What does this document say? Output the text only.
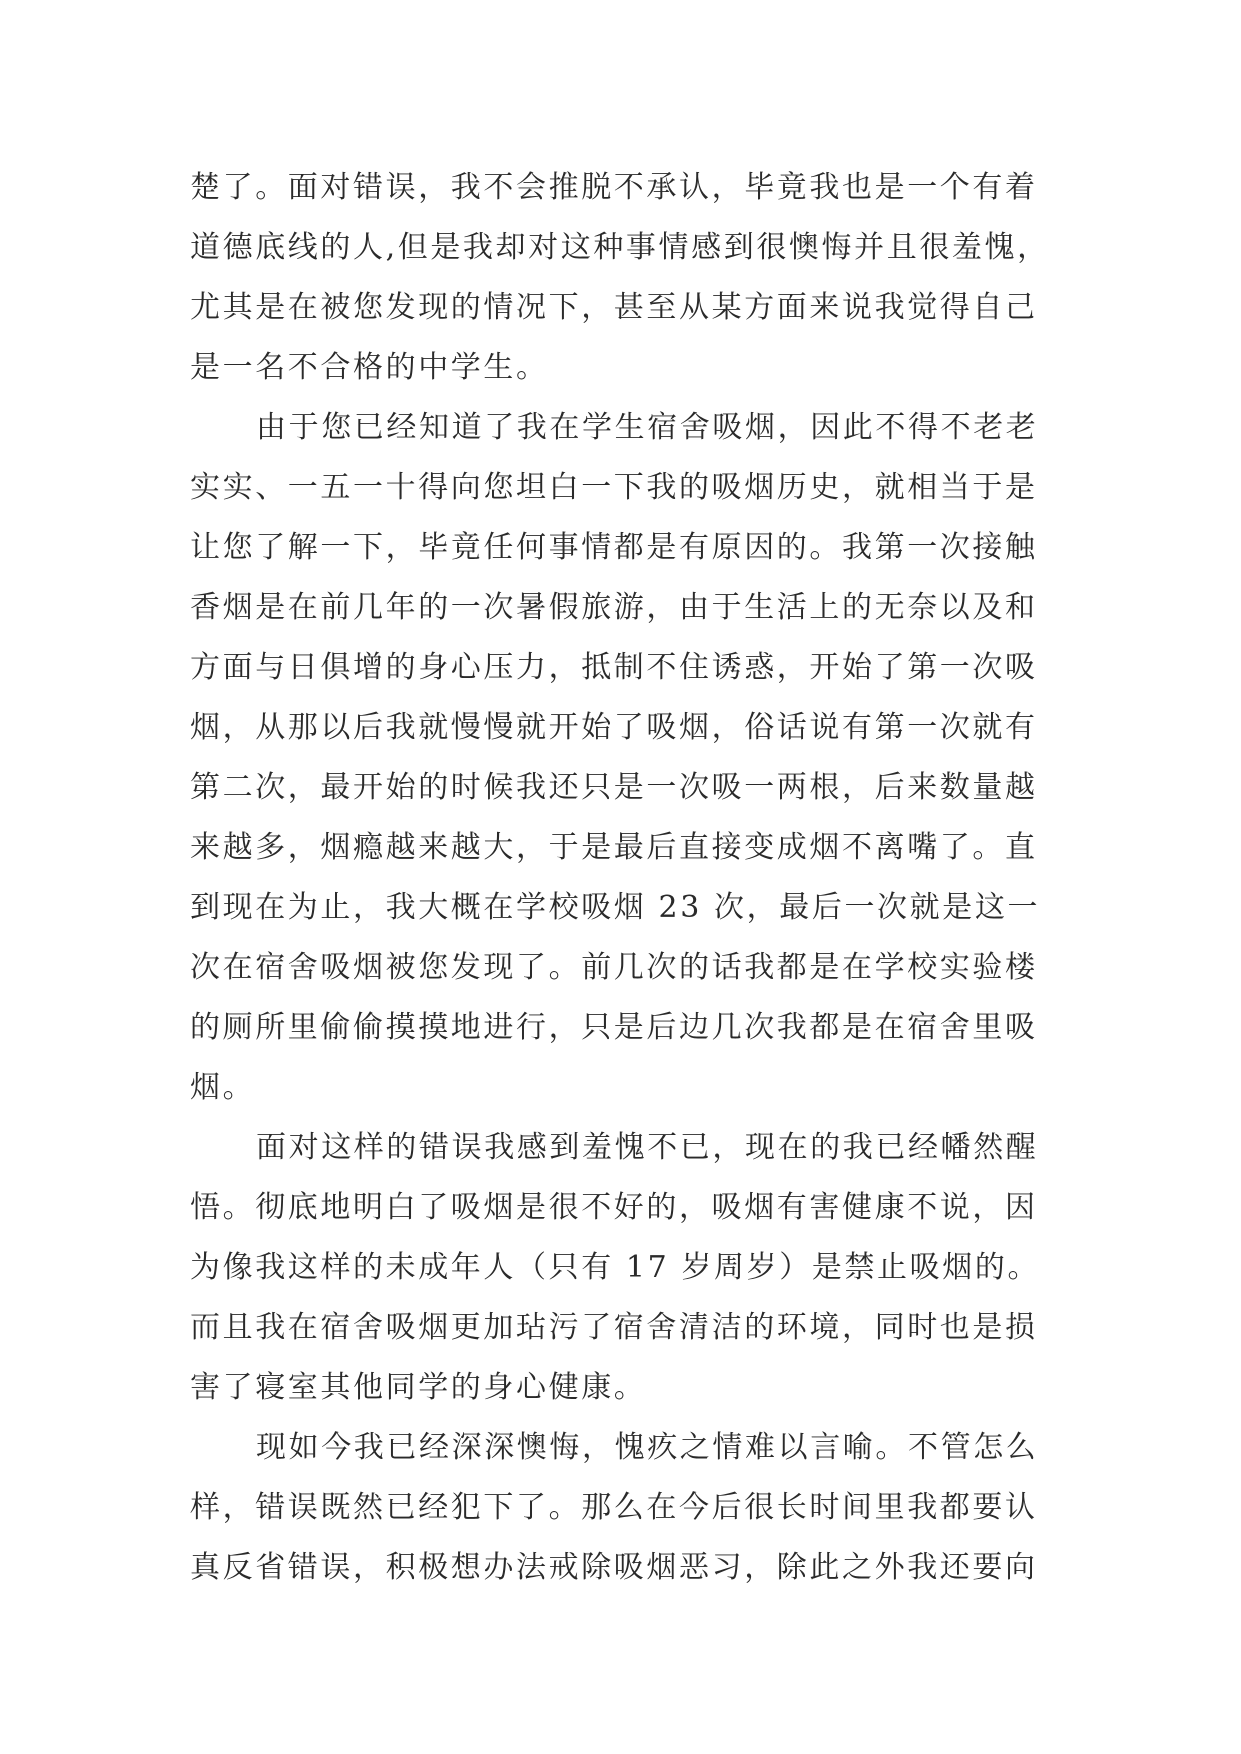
楚了。面对错误，我不会推脱不承认，毕竟我也是一个有着
道德底线的人,但是我却对这种事情感到很懊悔并且很羞愧，
尤其是在被您发现的情况下，甚至从某方面来说我觉得自己
是一名不合格的中学生。
由于您已经知道了我在学生宿舍吸烟，因此不得不老老
实实、一五一十得向您坦白一下我的吸烟历史，就相当于是
让您了解一下，毕竟任何事情都是有原因的。我第一次接触
香烟是在前几年的一次暑假旅游，由于生活上的无奈以及和
方面与日俱增的身心压力，抵制不住诱惑，开始了第一次吸
烟，从那以后我就慢慢就开始了吸烟，俗话说有第一次就有
第二次，最开始的时候我还只是一次吸一两根，后来数量越
来越多，烟瘾越来越大，于是最后直接变成烟不离嘴了。直
到现在为止，我大概在学校吸烟 23 次，最后一次就是这一
次在宿舍吸烟被您发现了。前几次的话我都是在学校实验楼
的厕所里偷偷摸摸地进行，只是后边几次我都是在宿舍里吸
烟。
面对这样的错误我感到羞愧不已，现在的我已经幡然醒
悟。彻底地明白了吸烟是很不好的，吸烟有害健康不说，因
为像我这样的未成年人（只有 17 岁周岁）是禁止吸烟的。
而且我在宿舍吸烟更加玷污了宿舍清洁的环境，同时也是损
害了寝室其他同学的身心健康。
现如今我已经深深懊悔，愧疚之情难以言喻。不管怎么
样，错误既然已经犯下了。那么在今后很长时间里我都要认
真反省错误，积极想办法戒除吸烟恶习，除此之外我还要向
